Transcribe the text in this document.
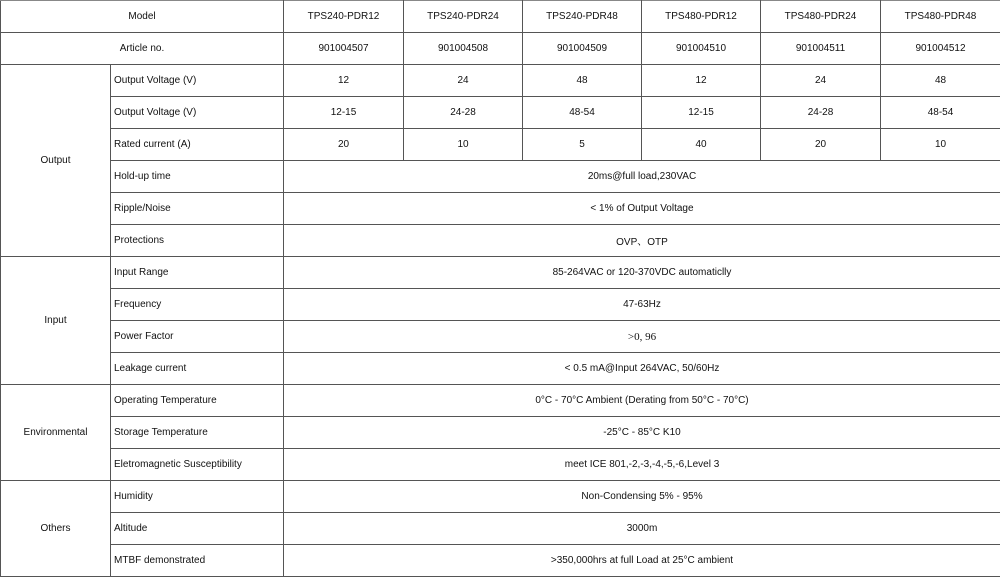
Model		TPS240-PDR12	TPS240-PDR24	TPS240-PDR48	TPS480-PDR12	TPS480-PDR24	TPS480-PDR48
Article no.		901004507	901004508	901004509	901004510	901004511	901004512
Output	Output Voltage (V)	12	24	48	12	24	48
	Output Voltage (V)	12-15	24-28	48-54	12-15	24-28	48-54
	Rated current (A)	20	10	5	40	20	10
	Hold-up time	20ms@full load,230VAC					
	Ripple/Noise	< 1% of Output Voltage					
	Protections	OVP、OTP					
Input	Input Range	85-264VAC or 120-370VDC automaticlly					
	Frequency	47-63Hz					
	Power Factor	>0, 96					
	Leakage current	< 0.5 mA@Input 264VAC, 50/60Hz					
Environmental	Operating Temperature	0°C - 70°C Ambient (Derating from 50°C - 70°C)					
	Storage Temperature	-25°C - 85°C K10					
	Eletromagnetic Susceptibility	meet ICE 801,-2,-3,-4,-5,-6,Level 3					
Others	Humidity	Non-Condensing 5% - 95%					
	Altitude	3000m					
	MTBF demonstrated	>350,000hrs at full Load at 25°C ambient					
